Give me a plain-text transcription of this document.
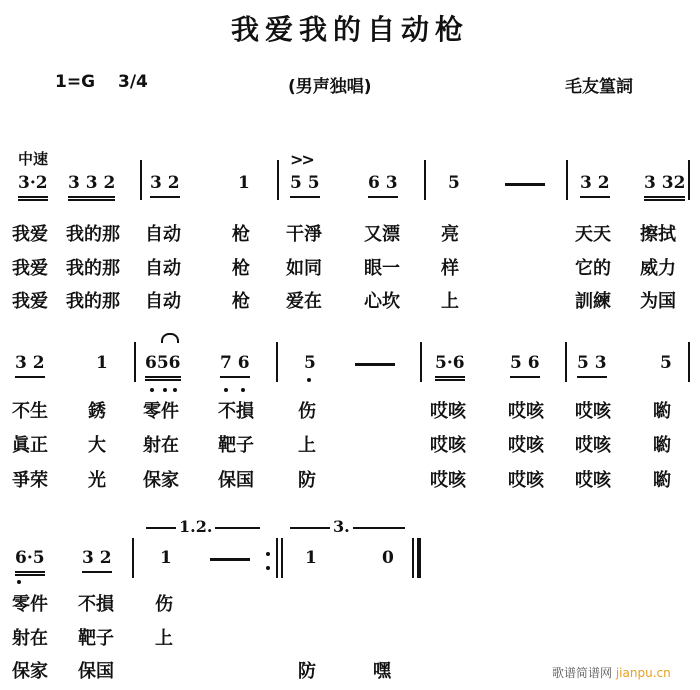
我爱我的自动枪
1=G 3/4	(男声独唱)	毛友篁詞
中速
3·2 3 3 2 3 2	1
>>
5 5	6 3	5	3 2 3 32
我爱 我的那 自动	枪 干淨 又漂 亮	天天 擦拭
我爱 我的那 自动	枪 如同 眼一 样	它的 威力
我爱 我的那 自动	枪 爱在 心坎 上	訓練 为国
3 2	1 656 7 6	5	5·6	5 6 5 3	5
不生 銹 零件 不損 伤	哎咳 哎咳 哎咳 喲
眞正 大 射在 靶子 上	哎咳 哎咳 哎咳 喲
爭荣 光 保家 保国 防	哎咳 哎咳 哎咳 喲
1.2.	3.
6·5 3 2	1	1	0
零件 不損 伤
射在 靶子 上
保家 保国	防	嘿	歌谱简谱网 jianpu.cn
